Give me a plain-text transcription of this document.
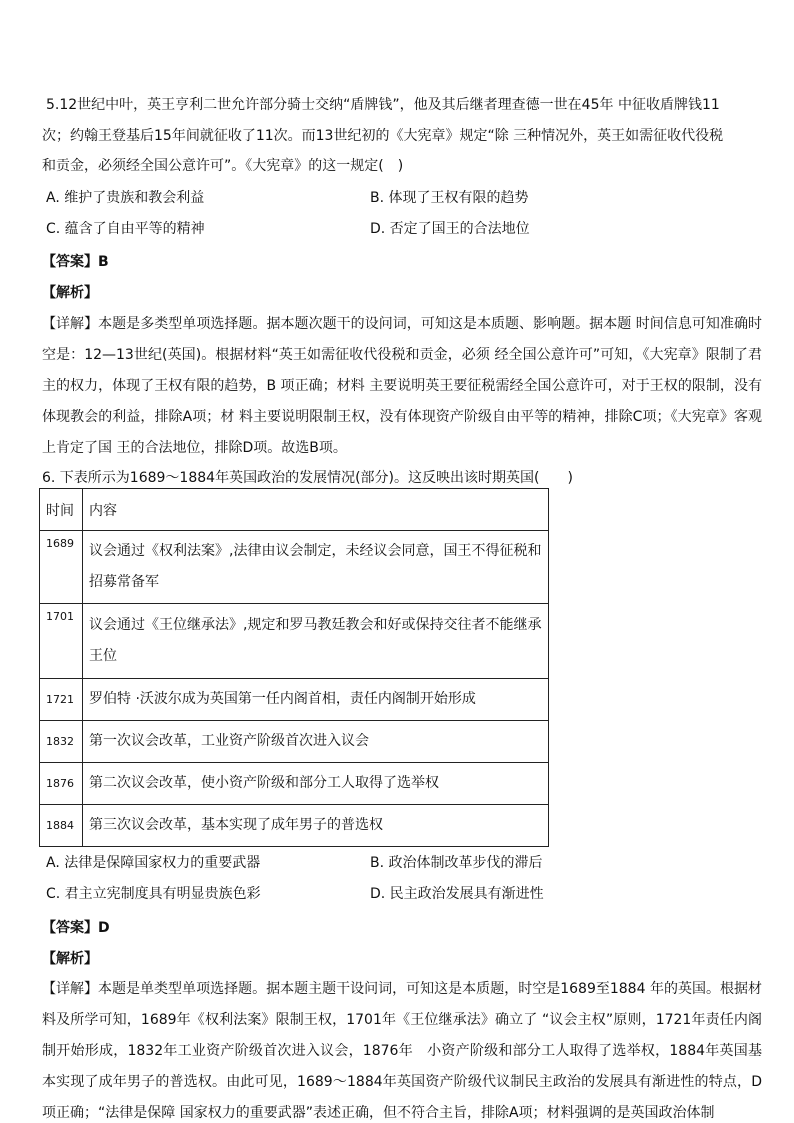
5.12世纪中叶，英王亨利二世允许部分骑士交纳“盾牌钱”，他及其后继者理查德一世在45年 中征收盾牌钱11
次；约翰王登基后15年间就征收了11次。而13世纪初的《大宪章》规定“除 三种情况外，英王如需征收代役税
和贡金，必须经全国公意许可”。《大宪章》的这一规定(　)
A. 维护了贵族和教会利益	B. 体现了王权有限的趋势
C. 蕴含了自由平等的精神	D. 否定了国王的合法地位
【答案】B
【解析】
【详解】本题是多类型单项选择题。据本题次题干的设问词，可知这是本质题、影响题。据本题 时间信息可知准确时空是：12—13世纪(英国)。根据材料“英王如需征收代役税和贡金，必须 经全国公意许可”可知，《大宪章》限制了君主的权力，体现了王权有限的趋势，B 项正确；材料 主要说明英王要征税需经全国公意许可，对于王权的限制，没有体现教会的利益，排除A项；材 料主要说明限制王权，没有体现资产阶级自由平等的精神，排除C项；《大宪章》客观上肯定了国 王的合法地位，排除D项。故选B项。
6. 下表所示为1689～1884年英国政治的发展情况(部分)。这反映出该时期英国(　　)
时间	内容
1689	议会通过《权利法案》,法律由议会制定，未经议会同意，国王不得征税和招募常备军
1701	议会通过《王位继承法》,规定和罗马教廷教会和好或保持交往者不能继承王位
1721	罗伯特 ·沃波尔成为英国第一任内阁首相，责任内阁制开始形成
1832	第一次议会改革，工业资产阶级首次进入议会
1876	第二次议会改革，使小资产阶级和部分工人取得了选举权
1884	第三次议会改革，基本实现了成年男子的普选权
A. 法律是保障国家权力的重要武器	B. 政治体制改革步伐的滞后
C. 君主立宪制度具有明显贵族色彩	D. 民主政治发展具有渐进性
【答案】D
【解析】
【详解】本题是单类型单项选择题。据本题主题干设问词，可知这是本质题，时空是1689至1884 年的英国。根据材料及所学可知，1689年《权利法案》限制王权，1701年《王位继承法》确立了 “议会主权”原则，1721年责任内阁制开始形成，1832年工业资产阶级首次进入议会，1876年　小资产阶级和部分工人取得了选举权，1884年英国基本实现了成年男子的普选权。由此可见，1689～1884年英国资产阶级代议制民主政治的发展具有渐进性的特点，D项正确；“法律是保障 国家权力的重要武器”表述正确，但不符合主旨，排除A项；材料强调的是英国政治体制
